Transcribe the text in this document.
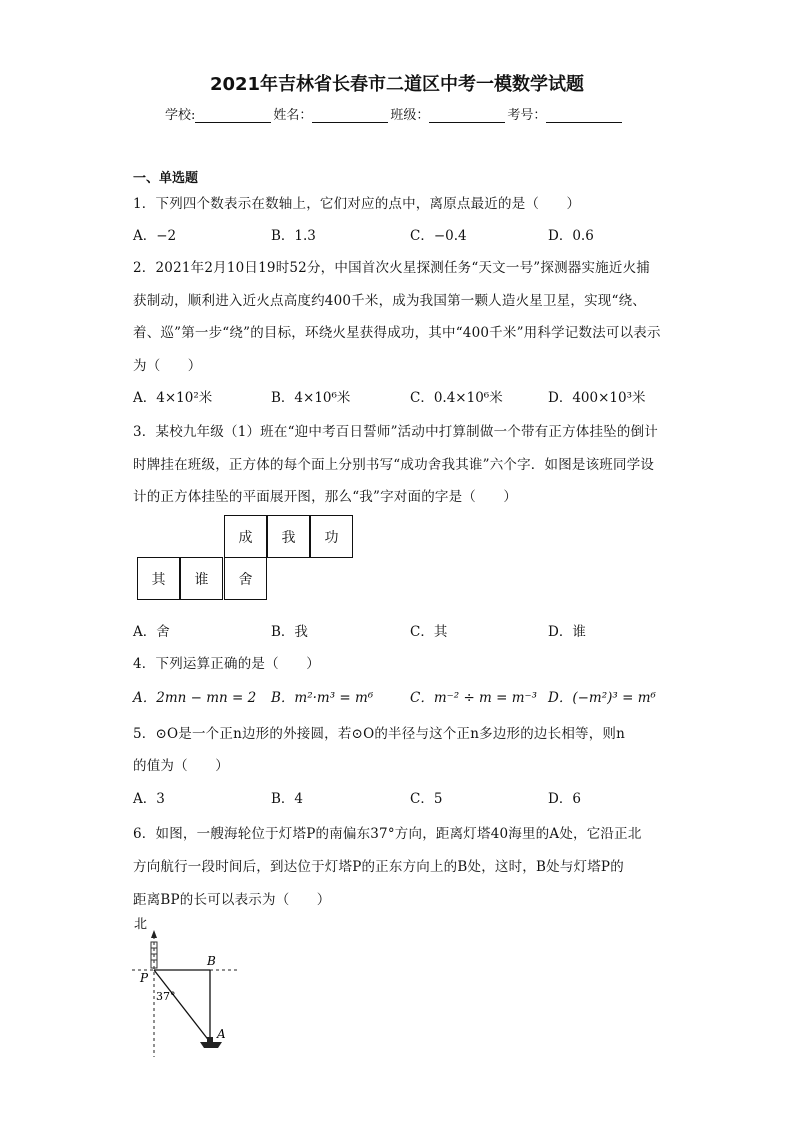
2021年吉林省长春市二道区中考一模数学试题
学校:	姓名：	班级：	考号：
一、单选题
1．下列四个数表示在数轴上，它们对应的点中，离原点最近的是（　　）
A．−2	B．1.3	C．−0.4	D．0.6
2．2021年2月10日19时52分，中国首次火星探测任务“天文一号”探测器实施近火捕
获制动，顺利进入近火点高度约400千米，成为我国第一颗人造火星卫星，实现“绕、
着、巡”第一步“绕”的目标，环绕火星获得成功，其中“400千米”用科学记数法可以表示
为（　　）
A．4×10²米	B．4×10⁶米	C．0.4×10⁶米	D．400×10³米
3．某校九年级（1）班在“迎中考百日誓师”活动中打算制做一个带有正方体挂坠的倒计
时牌挂在班级，正方体的每个面上分别书写“成功舍我其谁”六个字．如图是该班同学设
计的正方体挂坠的平面展开图，那么“我”字对面的字是（　　）
成	我	功
其	谁	舍
A．舍	B．我	C．其	D．谁
4．下列运算正确的是（　　）
A．2mn − mn = 2 B．m²·m³ = m⁶	C．m⁻² ÷ m = m⁻³ D．(−m²)³ = m⁶
5．⊙O是一个正n边形的外接圆，若⊙O的半径与这个正n多边形的边长相等，则n
的值为（　　）
A．3	B．4	C．5	D．6
6．如图，一艘海轮位于灯塔P的南偏东37°方向，距离灯塔40海里的A处，它沿正北
方向航行一段时间后，到达位于灯塔P的正东方向上的B处，这时，B处与灯塔P的
距离BP的长可以表示为（　　）
北
P
B
A
37°
